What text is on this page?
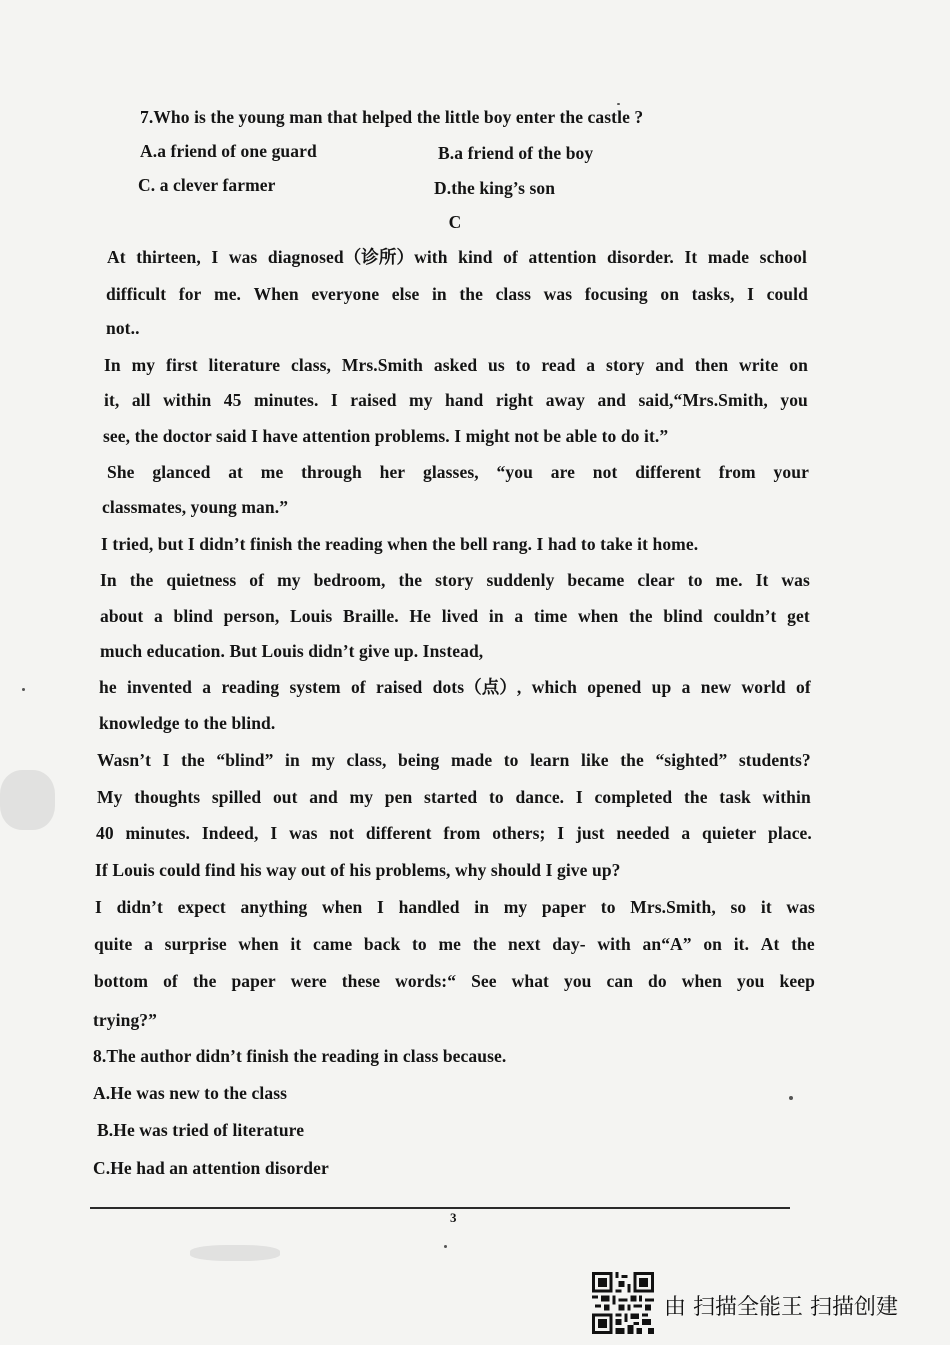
7.Who is the young man that helped the little boy enter the castle ?
A.a friend of one guard	B.a friend of the boy
C. a clever farmer	D.the king’s son
C
At thirteen, I was diagnosed（诊所）with kind of attention disorder. It made school
difficult for me. When everyone else in the class was focusing on tasks, I could
not..
In my first literature class, Mrs.Smith asked us to read a story and then write on
it, all within 45 minutes. I raised my hand right away and said,“Mrs.Smith, you
see, the doctor said I have attention problems. I might not be able to do it.”
She glanced at me through her glasses, “you are not different from your
classmates, young man.”
I tried, but I didn’t finish the reading when the bell rang. I had to take it home.
In the quietness of my bedroom, the story suddenly became clear to me. It was
about a blind person, Louis Braille. He lived in a time when the blind couldn’t get
much education. But Louis didn’t give up. Instead,
he invented a reading system of raised dots（点）, which opened up a new world of
knowledge to the blind.
Wasn’t I the “blind” in my class, being made to learn like the “sighted” students?
My thoughts spilled out and my pen started to dance. I completed the task within
40 minutes. Indeed, I was not different from others; I just needed a quieter place.
If Louis could find his way out of his problems, why should I give up?
I didn’t expect anything when I handled in my paper to Mrs.Smith, so it was
quite a surprise when it came back to me the next day- with an“A” on it. At the
bottom of the paper were these words:“ See what you can do when you keep
trying?”
8.The author didn’t finish the reading in class because.
A.He was new to the class
B.He was tried of literature
C.He had an attention disorder
3
由 扫描全能王 扫描创建
